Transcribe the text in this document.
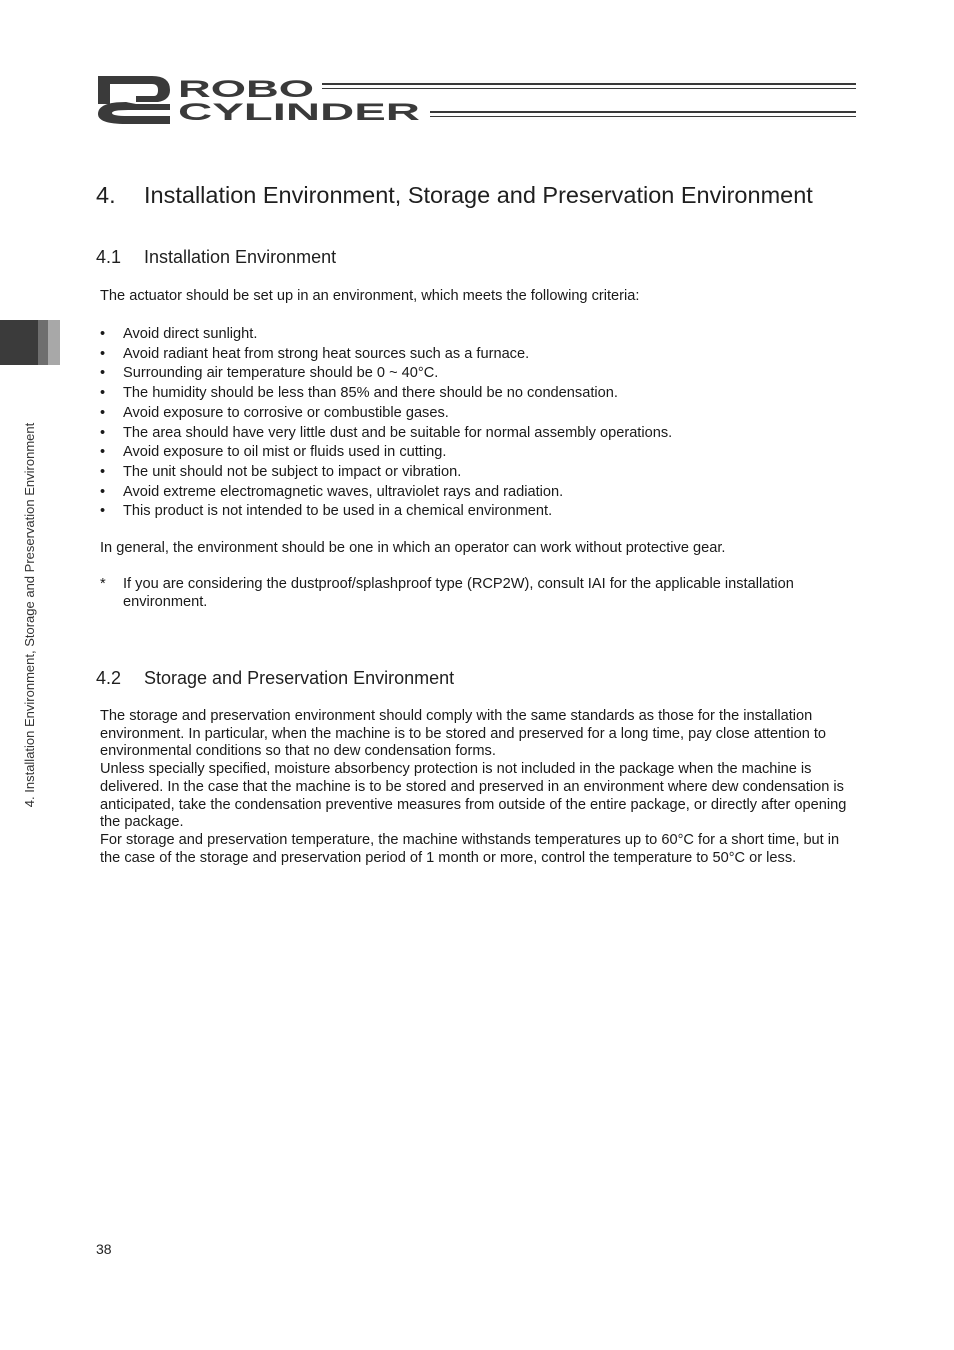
ROBO
CYLINDER
4. Installation Environment, Storage and Preservation Environment
4. Installation Environment, Storage and Preservation Environment
4.1 Installation Environment
The actuator should be set up in an environment, which meets the following criteria:
• Avoid direct sunlight.
• Avoid radiant heat from strong heat sources such as a furnace.
• Surrounding air temperature should be 0 ~ 40°C.
• The humidity should be less than 85% and there should be no condensation.
• Avoid exposure to corrosive or combustible gases.
• The area should have very little dust and be suitable for normal assembly operations.
• Avoid exposure to oil mist or fluids used in cutting.
• The unit should not be subject to impact or vibration.
• Avoid extreme electromagnetic waves, ultraviolet rays and radiation.
• This product is not intended to be used in a chemical environment.
In general, the environment should be one in which an operator can work without protective gear.
*	If you are considering the dustproof/splashproof type (RCP2W), consult IAI for the applicable installation environment.
4.2 Storage and Preservation Environment

The storage and preservation environment should comply with the same standards as those for the installation environment. In particular, when the machine is to be stored and preserved for a long time, pay close attention to environmental conditions so that no dew condensation forms.

Unless specially specified, moisture absorbency protection is not included in the package when the machine is delivered. In the case that the machine is to be stored and preserved in an environment where dew condensation is anticipated, take the condensation preventive measures from outside of the entire package, or directly after opening the package.

For storage and preservation temperature, the machine withstands temperatures up to 60°C for a short time, but in the case of the storage and preservation period of 1 month or more, control the temperature to 50°C or less.

38
